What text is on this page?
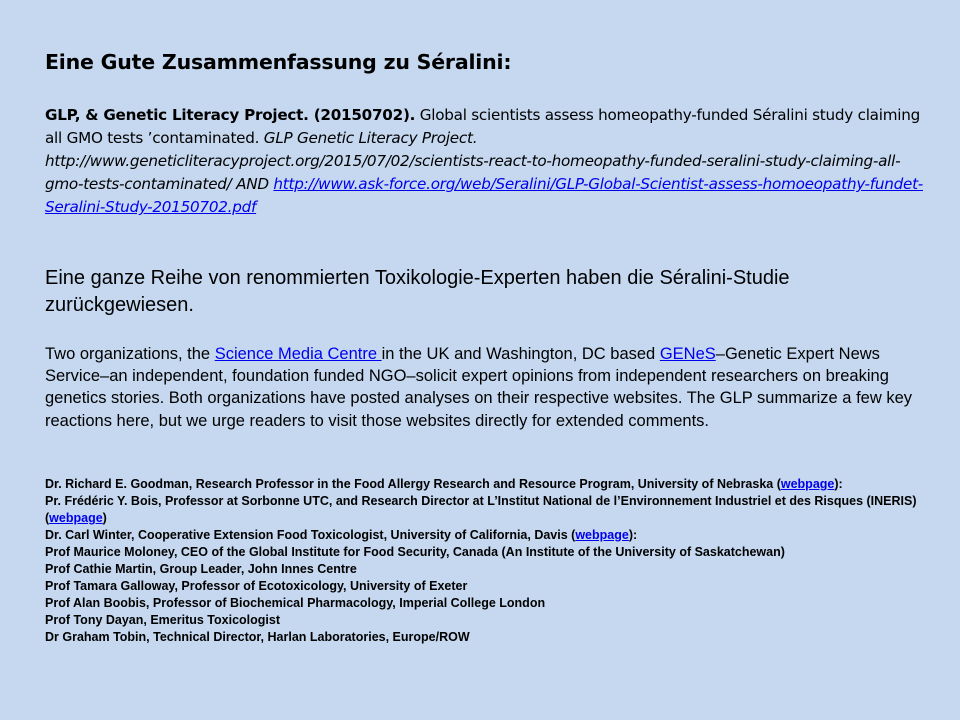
Eine Gute Zusammenfassung zu Séralini:

GLP, & Genetic Literacy Project. (20150702). Global scientists assess homeopathy-funded Séralini study claiming all GMO tests ’contaminated. GLP Genetic Literacy Project. http://www.geneticliteracyproject.org/2015/07/02/scientists-react-to-homeopathy-funded-seralini-study-claiming-all-gmo-tests-contaminated/ AND http://www.ask-force.org/web/Seralini/GLP-Global-Scientist-assess-homoeopathy-fundet-Seralini-Study-20150702.pdf

Eine ganze Reihe von renommierten Toxikologie-Experten haben die Séralini-Studie zurückgewiesen.

Two organizations, the Science Media Centre in the UK and Washington, DC based GENeS–Genetic Expert News Service–an independent, foundation funded NGO–solicit expert opinions from independent researchers on breaking genetics stories. Both organizations have posted analyses on their respective websites. The GLP summarize a few key reactions here, but we urge readers to visit those websites directly for extended comments.

Dr. Richard E. Goodman, Research Professor in the Food Allergy Research and Resource Program, University of Nebraska (webpage):
Pr. Frédéric Y. Bois, Professor at Sorbonne UTC, and Research Director at L’Institut National de l’Environnement Industriel et des Risques (INERIS) (webpage)
Dr. Carl Winter, Cooperative Extension Food Toxicologist, University of California, Davis (webpage):
Prof Maurice Moloney, CEO of the Global Institute for Food Security, Canada (An Institute of the University of Saskatchewan)
Prof Cathie Martin, Group Leader, John Innes Centre
Prof Tamara Galloway, Professor of Ecotoxicology, University of Exeter
Prof Alan Boobis, Professor of Biochemical Pharmacology, Imperial College London
Prof Tony Dayan, Emeritus Toxicologist
Dr Graham Tobin, Technical Director, Harlan Laboratories, Europe/ROW
